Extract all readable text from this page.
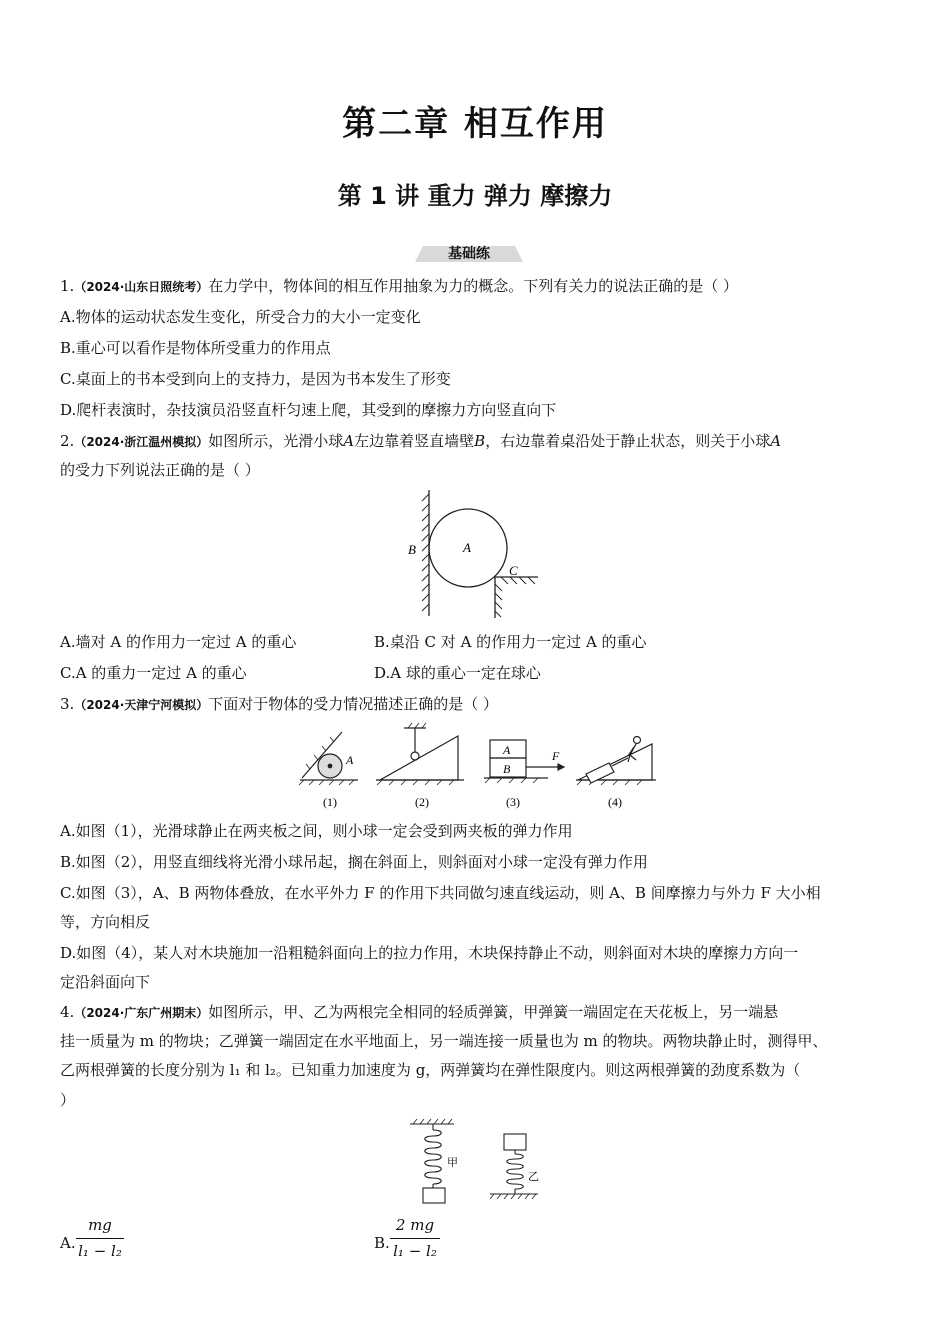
第二章 相互作用
第 1 讲 重力 弹力 摩擦力
基础练
1.（2024·山东日照统考）在力学中，物体间的相互作用抽象为力的概念。下列有关力的说法正确的是（ ）
A.物体的运动状态发生变化，所受合力的大小一定变化
B.重心可以看作是物体所受重力的作用点
C.桌面上的书本受到向上的支持力，是因为书本发生了形变
D.爬杆表演时，杂技演员沿竖直杆匀速上爬，其受到的摩擦力方向竖直向下
2.（2024·浙江温州模拟）如图所示，光滑小球A左边靠着竖直墙壁B，右边靠着桌沿处于静止状态，则关于小球A
的受力下列说法正确的是（ ）
B	A
C
A.墙对 A 的作用力一定过 A 的重心	B.桌沿 C 对 A 的作用力一定过 A 的重心
C.A 的重力一定过 A 的重心	D.A 球的重心一定在球心
3.（2024·天津宁河模拟）下面对于物体的受力情况描述正确的是（ ）
A
A
B
F
(1)	(2)	(3)	(4)
A.如图（1），光滑球静止在两夹板之间，则小球一定会受到两夹板的弹力作用
B.如图（2），用竖直细线将光滑小球吊起，搁在斜面上，则斜面对小球一定没有弹力作用
C.如图（3），A、B 两物体叠放，在水平外力 F 的作用下共同做匀速直线运动，则 A、B 间摩擦力与外力 F 大小相
等，方向相反
D.如图（4），某人对木块施加一沿粗糙斜面向上的拉力作用，木块保持静止不动，则斜面对木块的摩擦力方向一
定沿斜面向下
4.（2024·广东广州期末）如图所示，甲、乙为两根完全相同的轻质弹簧，甲弹簧一端固定在天花板上，另一端悬
挂一质量为 m 的物块；乙弹簧一端固定在水平地面上，另一端连接一质量也为 m 的物块。两物块静止时，测得甲、
乙两根弹簧的长度分别为 l₁ 和 l₂。已知重力加速度为 g，两弹簧均在弹性限度内。则这两根弹簧的劲度系数为（
）
甲
乙
A.
mg
l₁ − l₂	B.
2 mg
l₁ − l₂
